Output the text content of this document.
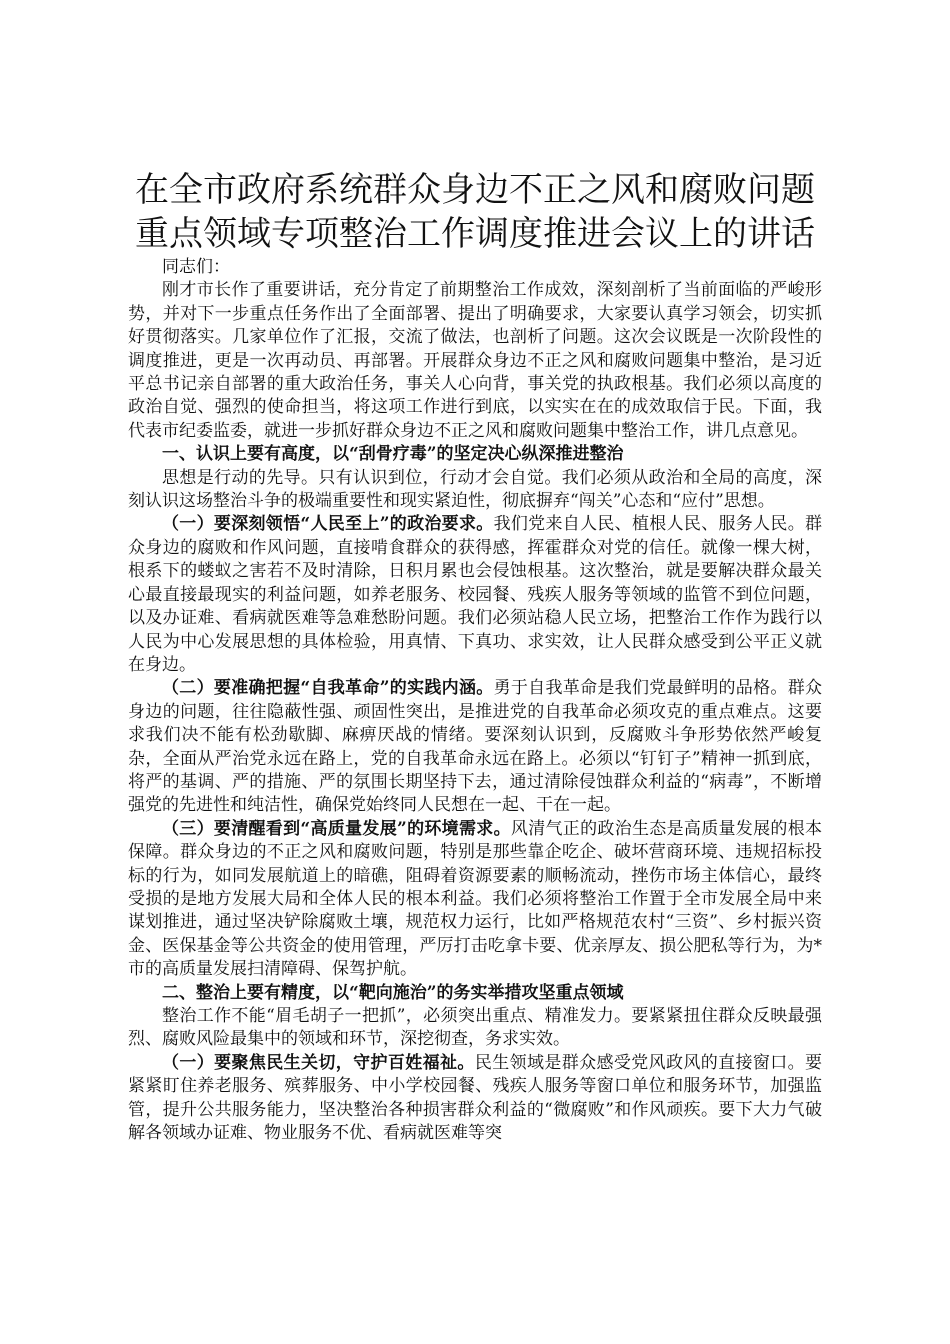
在全市政府系统群众身边不正之风和腐败问题
重点领域专项整治工作调度推进会议上的讲话

同志们：

刚才市长作了重要讲话，充分肯定了前期整治工作成效，深刻剖析了当前面临的严峻形势，并对下一步重点任务作出了全面部署、提出了明确要求，大家要认真学习领会，切实抓好贯彻落实。几家单位作了汇报，交流了做法，也剖析了问题。这次会议既是一次阶段性的调度推进，更是一次再动员、再部署。开展群众身边不正之风和腐败问题集中整治，是习近平总书记亲自部署的重大政治任务，事关人心向背，事关党的执政根基。我们必须以高度的政治自觉、强烈的使命担当，将这项工作进行到底，以实实在在的成效取信于民。下面，我代表市纪委监委，就进一步抓好群众身边不正之风和腐败问题集中整治工作，讲几点意见。

一、认识上要有高度，以“刮骨疗毒”的坚定决心纵深推进整治

思想是行动的先导。只有认识到位，行动才会自觉。我们必须从政治和全局的高度，深刻认识这场整治斗争的极端重要性和现实紧迫性，彻底摒弃“闯关”心态和“应付”思想。

（一）要深刻领悟“人民至上”的政治要求。我们党来自人民、植根人民、服务人民。群众身边的腐败和作风问题，直接啃食群众的获得感，挥霍群众对党的信任。就像一棵大树，根系下的蝼蚁之害若不及时清除，日积月累也会侵蚀根基。这次整治，就是要解决群众最关心最直接最现实的利益问题，如养老服务、校园餐、残疾人服务等领域的监管不到位问题，以及办证难、看病就医难等急难愁盼问题。我们必须站稳人民立场，把整治工作作为践行以人民为中心发展思想的具体检验，用真情、下真功、求实效，让人民群众感受到公平正义就在身边。

（二）要准确把握“自我革命”的实践内涵。勇于自我革命是我们党最鲜明的品格。群众身边的问题，往往隐蔽性强、顽固性突出，是推进党的自我革命必须攻克的重点难点。这要求我们决不能有松劲歇脚、麻痹厌战的情绪。要深刻认识到，反腐败斗争形势依然严峻复杂，全面从严治党永远在路上，党的自我革命永远在路上。必须以“钉钉子”精神一抓到底，将严的基调、严的措施、严的氛围长期坚持下去，通过清除侵蚀群众利益的“病毒”，不断增强党的先进性和纯洁性，确保党始终同人民想在一起、干在一起。

（三）要清醒看到“高质量发展”的环境需求。风清气正的政治生态是高质量发展的根本保障。群众身边的不正之风和腐败问题，特别是那些靠企吃企、破坏营商环境、违规招标投标的行为，如同发展航道上的暗礁，阻碍着资源要素的顺畅流动，挫伤市场主体信心，最终受损的是地方发展大局和全体人民的根本利益。我们必须将整治工作置于全市发展全局中来谋划推进，通过坚决铲除腐败土壤，规范权力运行，比如严格规范农村“三资”、乡村振兴资金、医保基金等公共资金的使用管理，严厉打击吃拿卡要、优亲厚友、损公肥私等行为，为*市的高质量发展扫清障碍、保驾护航。

二、整治上要有精度，以“靶向施治”的务实举措攻坚重点领域

整治工作不能“眉毛胡子一把抓”，必须突出重点、精准发力。要紧紧扭住群众反映最强烈、腐败风险最集中的领域和环节，深挖彻查，务求实效。

（一）要聚焦民生关切，守护百姓福祉。民生领域是群众感受党风政风的直接窗口。要紧紧盯住养老服务、殡葬服务、中小学校园餐、残疾人服务等窗口单位和服务环节，加强监管，提升公共服务能力，坚决整治各种损害群众利益的“微腐败”和作风顽疾。要下大力气破解各领域办证难、物业服务不优、看病就医难等突
